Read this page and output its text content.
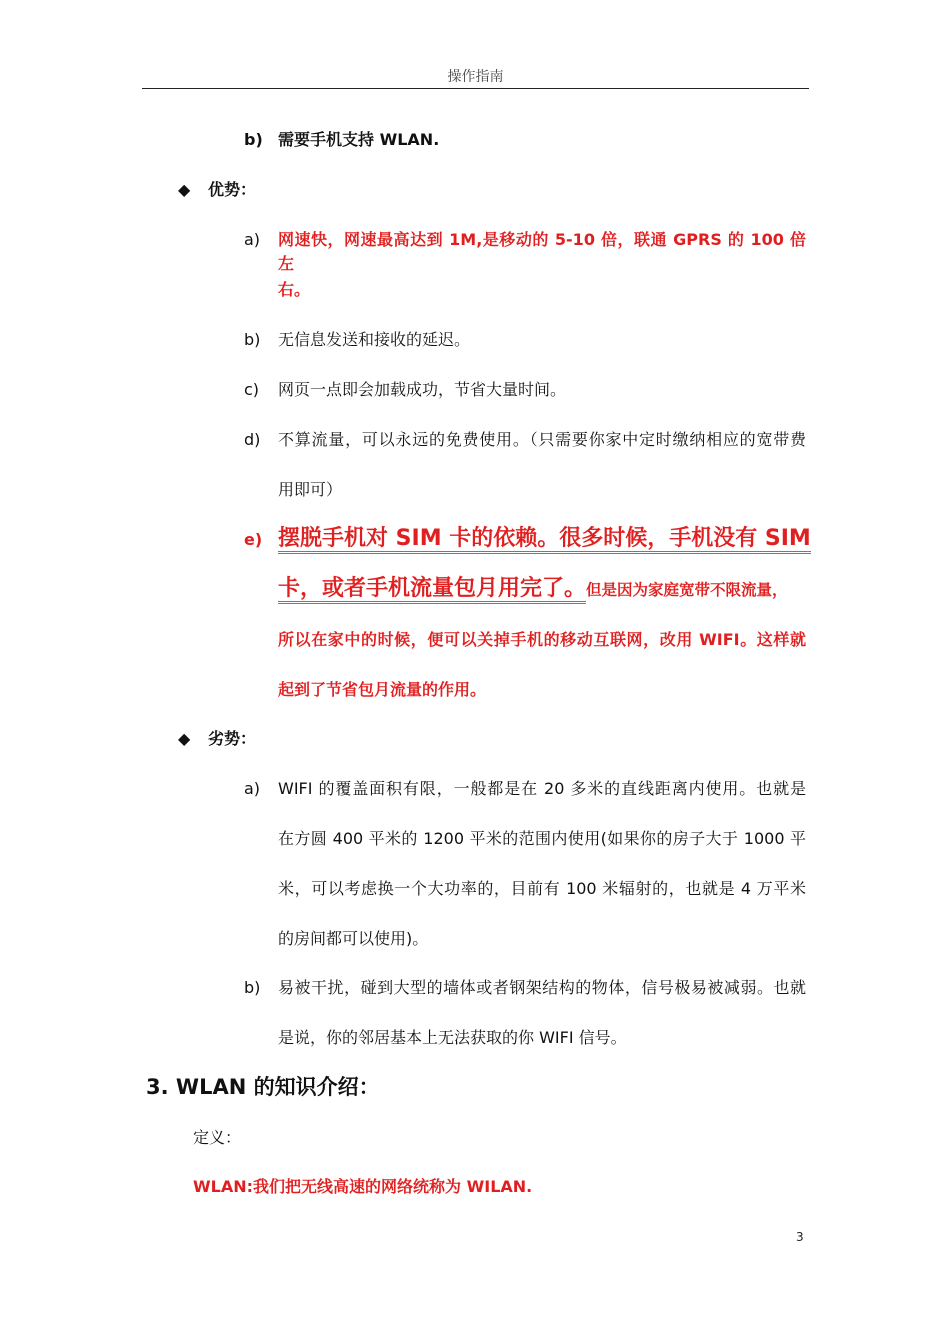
操作指南
b) 需要手机支持 WLAN.
◆ 优势：
a) 网速快，网速最高达到 1M,是移动的 5-10 倍，联通 GPRS 的 100 倍左
右。
b) 无信息发送和接收的延迟。
c) 网页一点即会加载成功，节省大量时间。
d) 不算流量，可以永远的免费使用。（只需要你家中定时缴纳相应的宽带费
用即可）
e) 摆脱手机对 SIM 卡的依赖。很多时候，手机没有 SIM
卡，或者手机流量包月用完了。但是因为家庭宽带不限流量，
所以在家中的时候，便可以关掉手机的移动互联网，改用 WIFI。这样就
起到了节省包月流量的作用。
◆ 劣势：
a) WIFI 的覆盖面积有限，一般都是在 20 多米的直线距离内使用。也就是
在方圆 400 平米的 1200 平米的范围内使用(如果你的房子大于 1000 平
米，可以考虑换一个大功率的，目前有 100 米辐射的，也就是 4 万平米
的房间都可以使用)。
b) 易被干扰，碰到大型的墙体或者钢架结构的物体，信号极易被减弱。也就
是说，你的邻居基本上无法获取的你 WIFI 信号。
3. WLAN 的知识介绍：
定义：
WLAN:我们把无线高速的网络统称为 WILAN.
3
